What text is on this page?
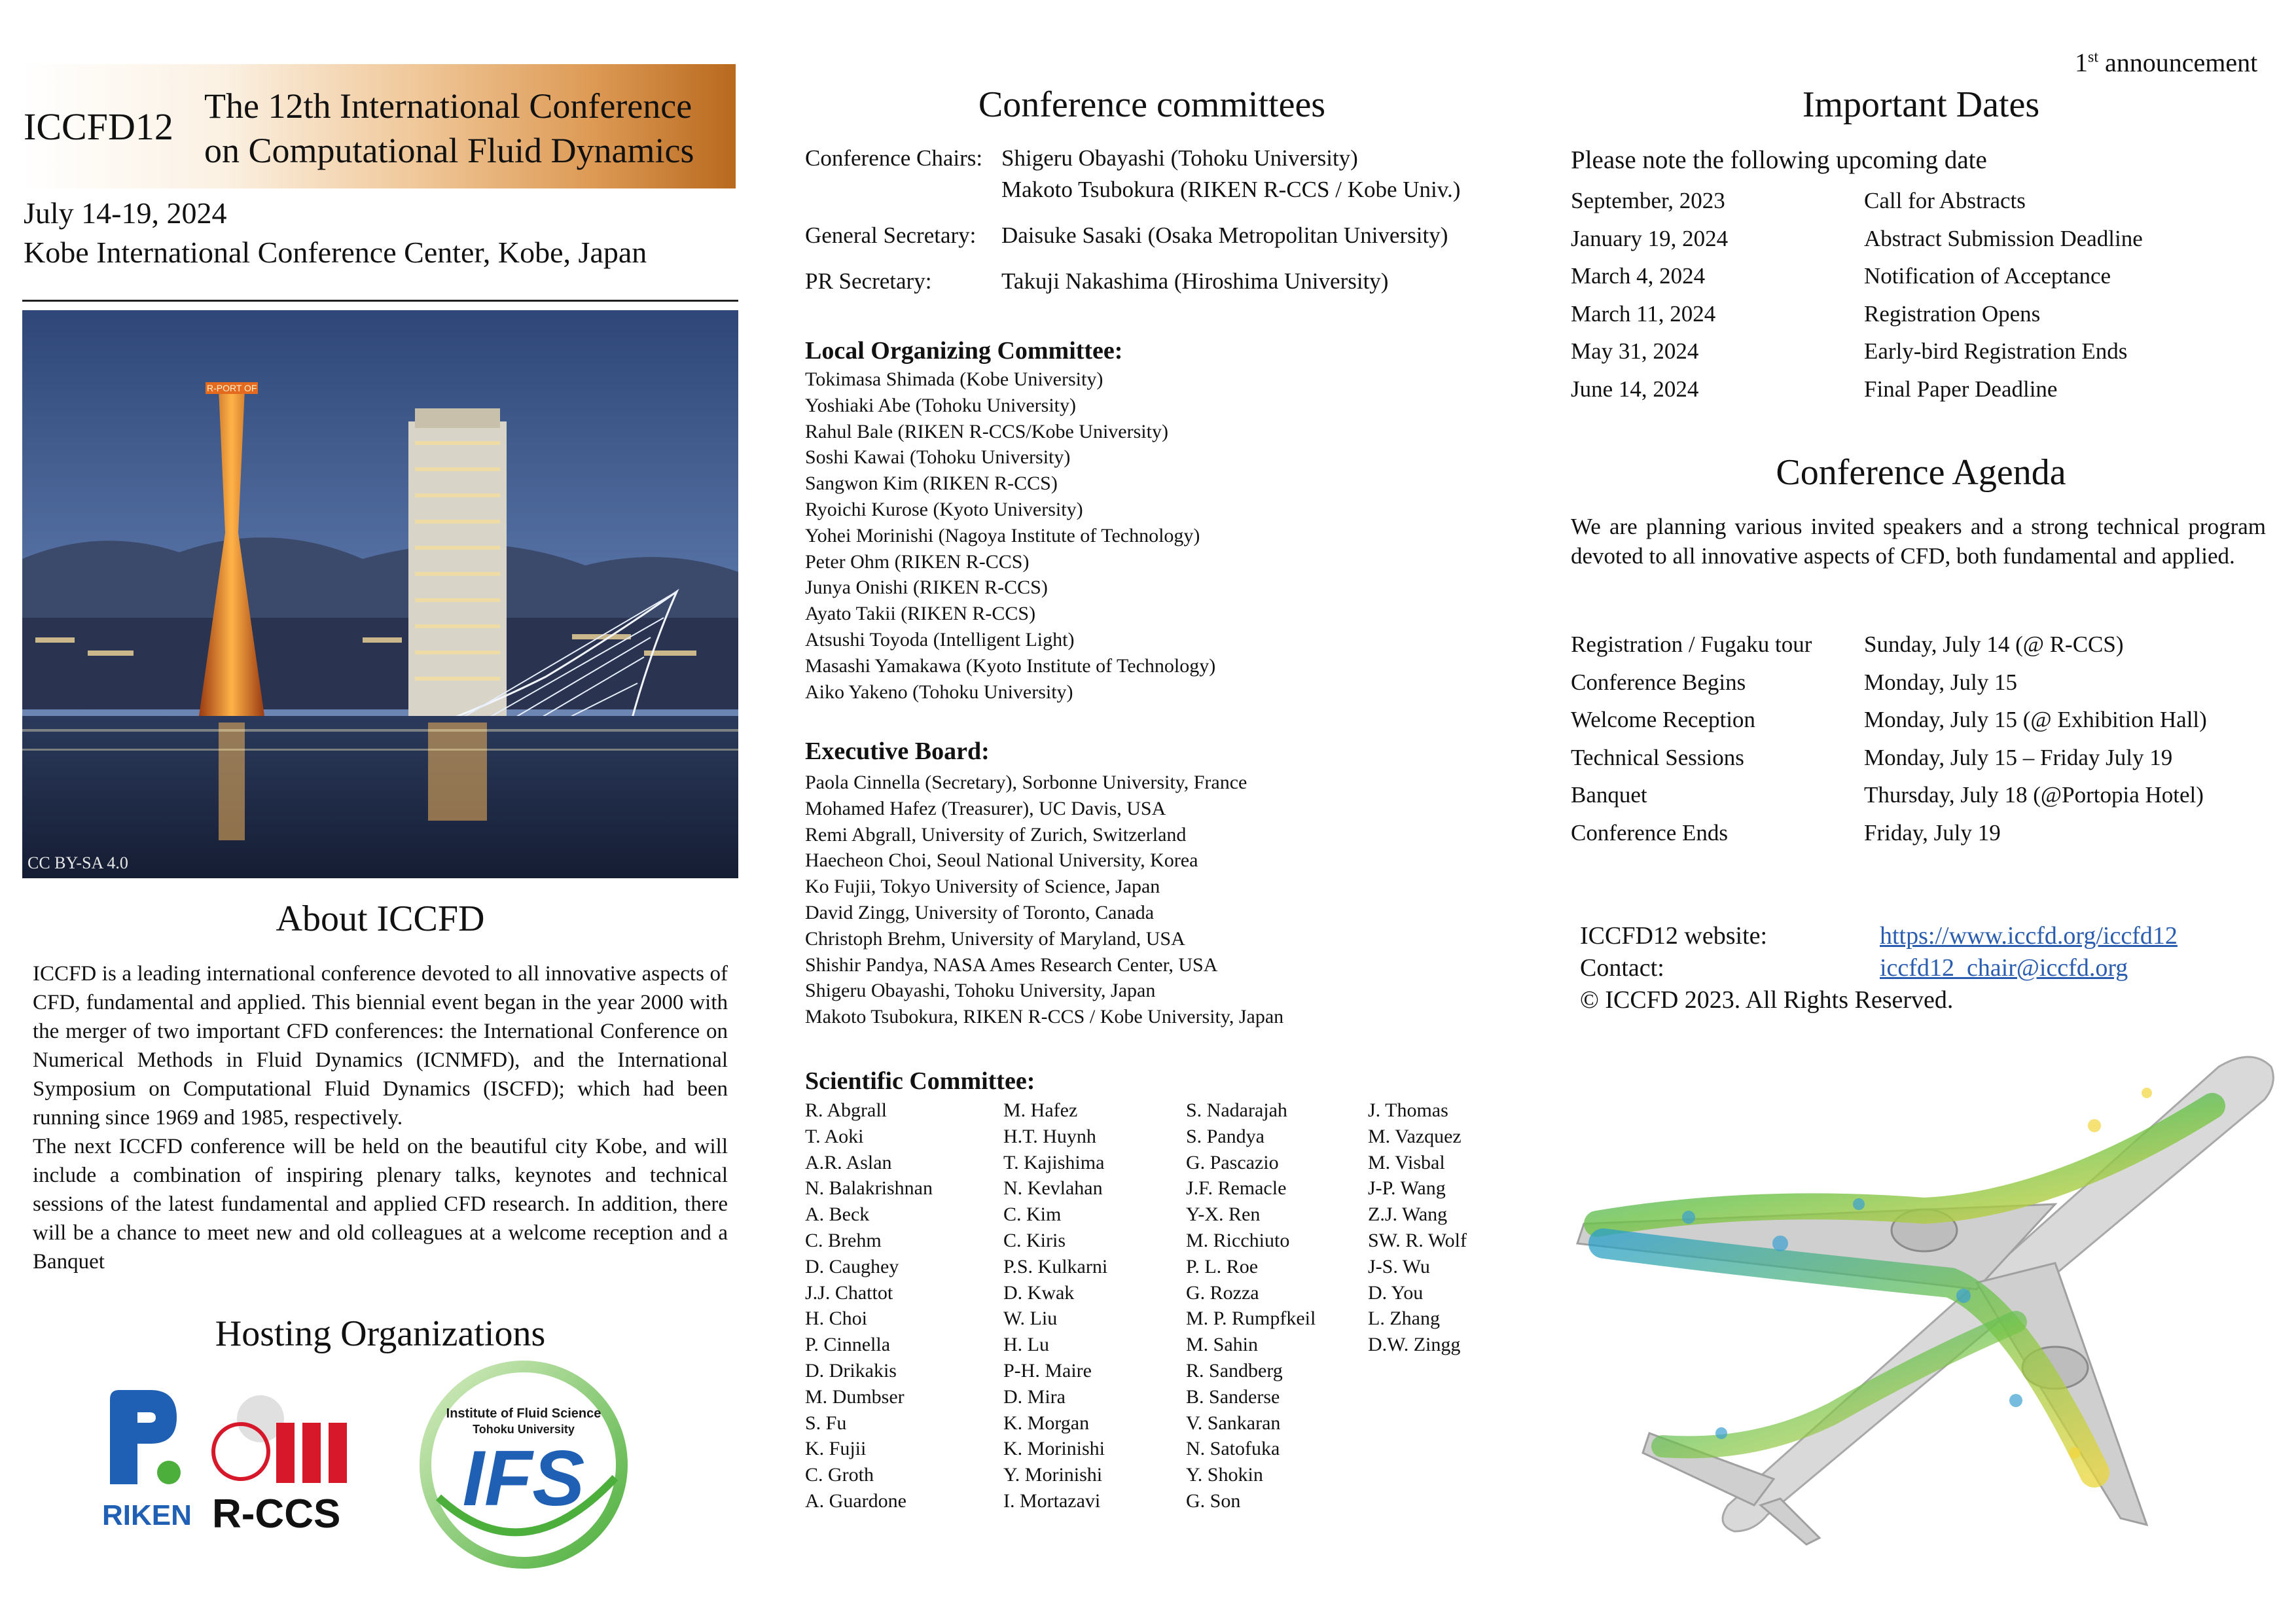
1st announcement
ICCFD12 The 12th International Conference
on Computational Fluid Dynamics
July 14-19, 2024
Kobe International Conference Center, Kobe, Japan
R-PORT OF
CC BY-SA 4.0
About ICCFD

ICCFD is a leading international conference devoted to all innovative aspects of CFD, fundamental and applied. This biennial event began in the year 2000 with the merger of two important CFD conferences: the International Conference on Numerical Methods in Fluid Dynamics (ICNMFD), and the International Symposium on Computational Fluid Dynamics (ISCFD); which had been running since 1969 and 1985, respectively.

The next ICCFD conference will be held on the beautiful city Kobe, and will include a combination of inspiring plenary talks, keynotes and technical sessions of the latest fundamental and applied CFD research. In addition, there will be a chance to meet new and old colleagues at a welcome reception and a Banquet

Hosting Organizations
RIKEN R-CCS
Institute of Fluid Science
Tohoku University
IFS
Conference committees
Conference Chairs: Shigeru Obayashi (Tohoku University)
Makoto Tsubokura (RIKEN R-CCS / Kobe Univ.)
General Secretary:	Daisuke Sasaki (Osaka Metropolitan University)
PR Secretary:	Takuji Nakashima (Hiroshima University)
Local Organizing Committee:
Tokimasa Shimada (Kobe University)
Yoshiaki Abe (Tohoku University)
Rahul Bale (RIKEN R-CCS/Kobe University)
Soshi Kawai (Tohoku University)
Sangwon Kim (RIKEN R-CCS)
Ryoichi Kurose (Kyoto University)
Yohei Morinishi (Nagoya Institute of Technology)
Peter Ohm (RIKEN R-CCS)
Junya Onishi (RIKEN R-CCS)
Ayato Takii (RIKEN R-CCS)
Atsushi Toyoda (Intelligent Light)
Masashi Yamakawa (Kyoto Institute of Technology)
Aiko Yakeno (Tohoku University)
Executive Board:
Paola Cinnella (Secretary), Sorbonne University, France
Mohamed Hafez (Treasurer), UC Davis, USA
Remi Abgrall, University of Zurich, Switzerland
Haecheon Choi, Seoul National University, Korea
Ko Fujii, Tokyo University of Science, Japan
David Zingg, University of Toronto, Canada
Christoph Brehm, University of Maryland, USA
Shishir Pandya, NASA Ames Research Center, USA
Shigeru Obayashi, Tohoku University, Japan
Makoto Tsubokura, RIKEN R-CCS / Kobe University, Japan
Scientific Committee:
R. Abgrall
T. Aoki
A.R. Aslan
N. Balakrishnan
A. Beck
C. Brehm
D. Caughey
J.J. Chattot
H. Choi
P. Cinnella
D. Drikakis
M. Dumbser
S. Fu
K. Fujii
C. Groth
A. Guardone
M. Hafez
H.T. Huynh
T. Kajishima
N. Kevlahan
C. Kim
C. Kiris
P.S. Kulkarni
D. Kwak
W. Liu
H. Lu
P-H. Maire
D. Mira
K. Morgan
K. Morinishi
Y. Morinishi
I. Mortazavi
S. Nadarajah
S. Pandya
G. Pascazio
J.F. Remacle
Y-X. Ren
M. Ricchiuto
P. L. Roe
G. Rozza
M. P. Rumpfkeil
M. Sahin
R. Sandberg
B. Sanderse
V. Sankaran
N. Satofuka
Y. Shokin
G. Son
J. Thomas
M. Vazquez
M. Visbal
J-P. Wang
Z.J. Wang
SW. R. Wolf
J-S. Wu
D. You
L. Zhang
D.W. Zingg
Important Dates
Please note the following upcoming date
September, 2023	Call for Abstracts
January 19, 2024	Abstract Submission Deadline
March 4, 2024	Notification of Acceptance
March 11, 2024	Registration Opens
May 31, 2024	Early-bird Registration Ends
June 14, 2024	Final Paper Deadline
Conference Agenda
We are planning various invited speakers and a strong technical program devoted to all innovative aspects of CFD, both fundamental and applied.
Registration / Fugaku tour	Sunday, July 14 (@ R-CCS)
Conference Begins	Monday, July 15
Welcome Reception	Monday, July 15 (@ Exhibition Hall)
Technical Sessions	Monday, July 15 – Friday July 19
Banquet	Thursday, July 18 (@Portopia Hotel)
Conference Ends	Friday, July 19
ICCFD12 website:	https://www.iccfd.org/iccfd12
Contact:	iccfd12_chair@iccfd.org
© ICCFD 2023. All Rights Reserved.
